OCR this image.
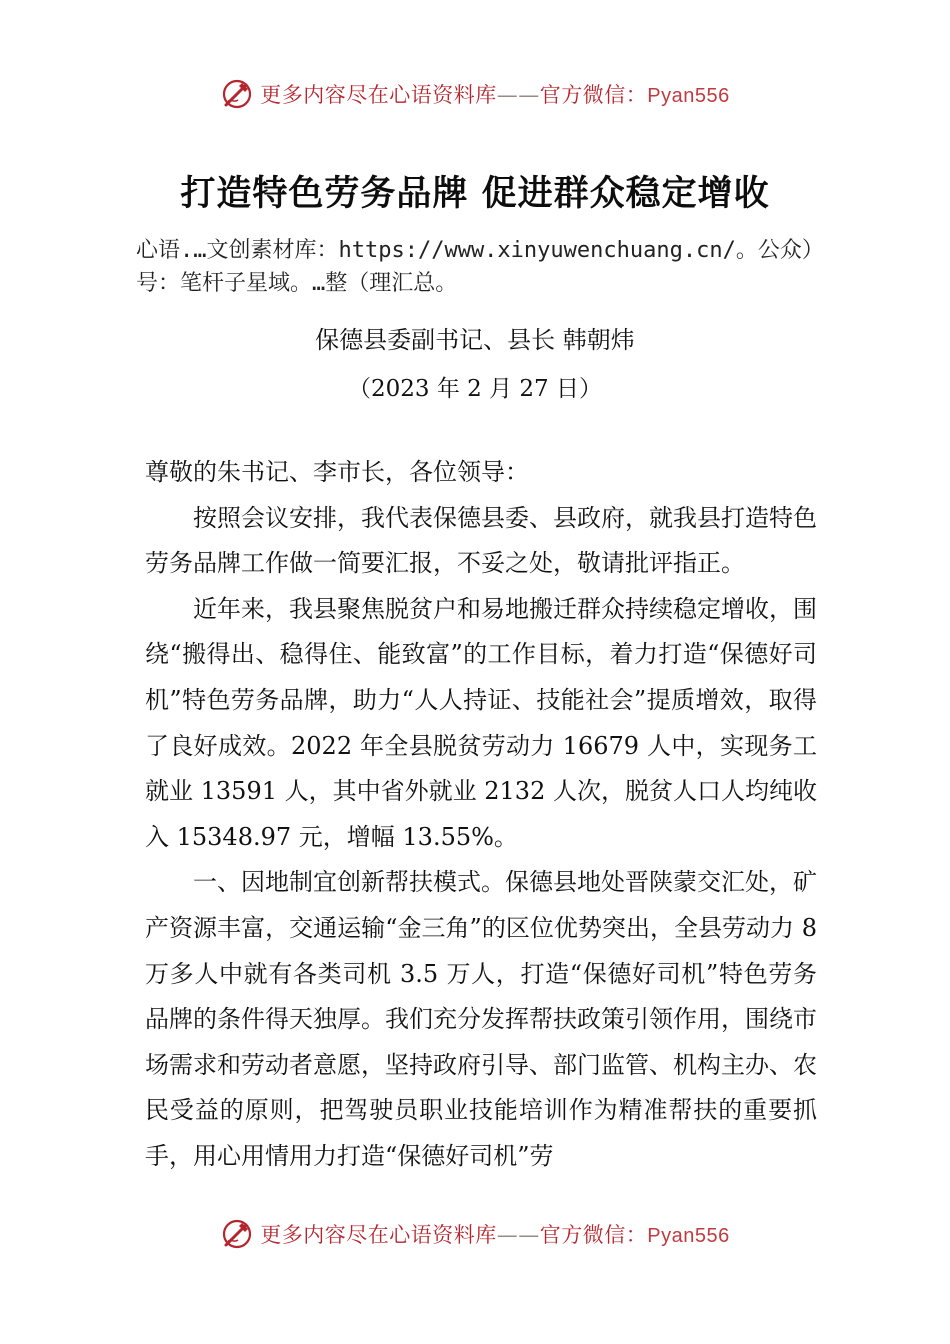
更多内容尽在心语资料库——官方微信：Pyan556
打造特色劳务品牌 促进群众稳定增收
心语.…文创素材库：https://www.xinyuwenchuang.cn/。公众）号：笔杆子星域。…整（理汇总。
保德县委副书记、县长 韩朝炜
（2023 年 2 月 27 日）

尊敬的朱书记、李市长，各位领导：

按照会议安排，我代表保德县委、县政府，就我县打造特色劳务品牌工作做一简要汇报，不妥之处，敬请批评指正。

近年来，我县聚焦脱贫户和易地搬迁群众持续稳定增收，围绕“搬得出、稳得住、能致富”的工作目标，着力打造“保德好司机”特色劳务品牌，助力“人人持证、技能社会”提质增效，取得了良好成效。2022 年全县脱贫劳动力 16679 人中，实现务工就业 13591 人，其中省外就业 2132 人次，脱贫人口人均纯收入 15348.97 元，增幅 13.55%。

一、因地制宜创新帮扶模式。保德县地处晋陕蒙交汇处，矿产资源丰富，交通运输“金三角”的区位优势突出，全县劳动力 8 万多人中就有各类司机 3.5 万人，打造“保德好司机”特色劳务品牌的条件得天独厚。我们充分发挥帮扶政策引领作用，围绕市场需求和劳动者意愿，坚持政府引导、部门监管、机构主办、农民受益的原则，把驾驶员职业技能培训作为精准帮扶的重要抓手，用心用情用力打造“保德好司机”劳

更多内容尽在心语资料库——官方微信：Pyan556
